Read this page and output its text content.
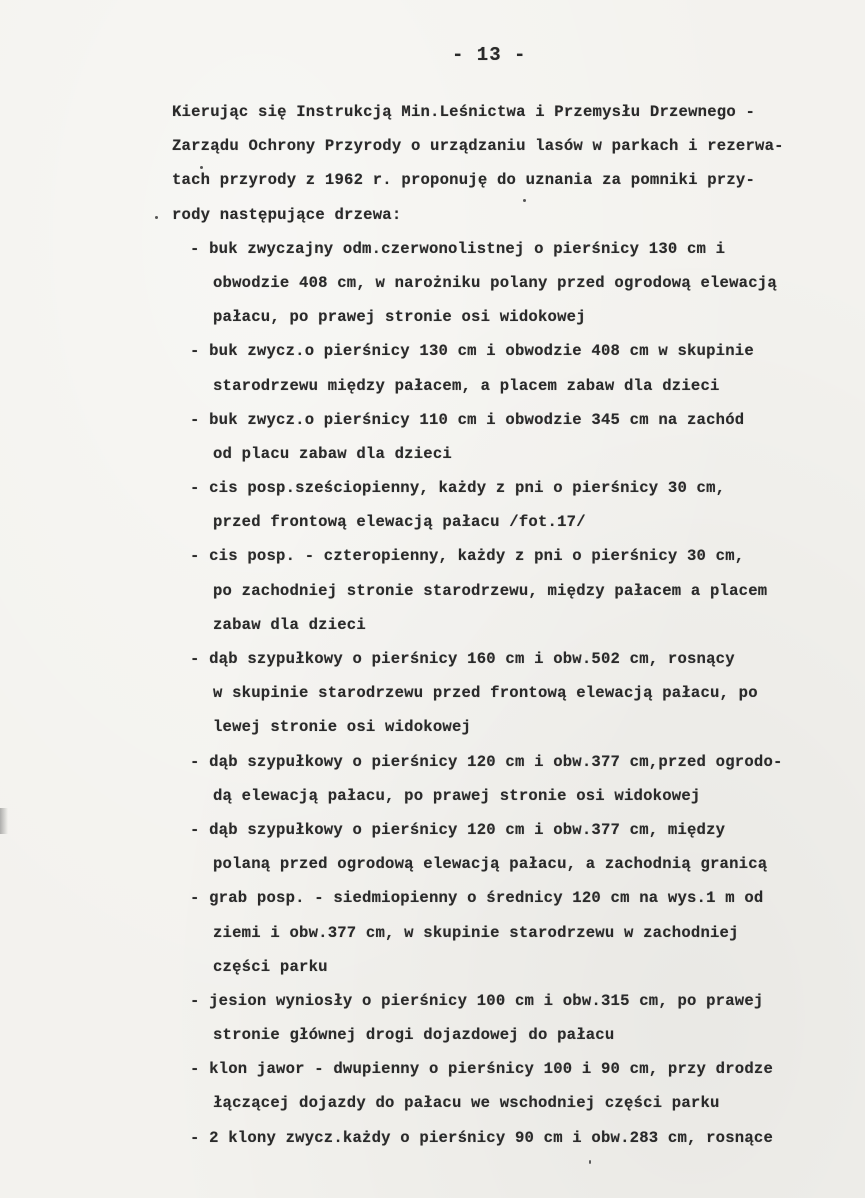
- 13 -
Kierując się Instrukcją Min.Leśnictwa i Przemysłu Drzewnego -
Zarządu Ochrony Przyrody o urządzaniu lasów w parkach i rezerwa-
tach przyrody z 1962 r. proponuję do uznania za pomniki przy-
rody następujące drzewa:
- buk zwyczajny odm.czerwonolistnej o pierśnicy 130 cm i
obwodzie 408 cm, w narożniku polany przed ogrodową elewacją
pałacu, po prawej stronie osi widokowej
- buk zwycz.o pierśnicy 130 cm i obwodzie 408 cm w skupinie
starodrzewu między pałacem, a placem zabaw dla dzieci
- buk zwycz.o pierśnicy 110 cm i obwodzie 345 cm na zachód
od placu zabaw dla dzieci
- cis posp.sześciopienny, każdy z pni o pierśnicy 30 cm,
przed frontową elewacją pałacu /fot.17/
- cis posp. - czteropienny, każdy z pni o pierśnicy 30 cm,
po zachodniej stronie starodrzewu, między pałacem a placem
zabaw dla dzieci
- dąb szypułkowy o pierśnicy 160 cm i obw.502 cm, rosnący
w skupinie starodrzewu przed frontową elewacją pałacu, po
lewej stronie osi widokowej
- dąb szypułkowy o pierśnicy 120 cm i obw.377 cm,przed ogrodo-
dą elewacją pałacu, po prawej stronie osi widokowej
- dąb szypułkowy o pierśnicy 120 cm i obw.377 cm, między
polaną przed ogrodową elewacją pałacu, a zachodnią granicą
- grab posp. - siedmiopienny o średnicy 120 cm na wys.1 m od
ziemi i obw.377 cm, w skupinie starodrzewu w zachodniej
części parku
- jesion wyniosły o pierśnicy 100 cm i obw.315 cm, po prawej
stronie głównej drogi dojazdowej do pałacu
- klon jawor - dwupienny o pierśnicy 100 i 90 cm, przy drodze
łączącej dojazdy do pałacu we wschodniej części parku
- 2 klony zwycz.każdy o pierśnicy 90 cm i obw.283 cm, rosnące
